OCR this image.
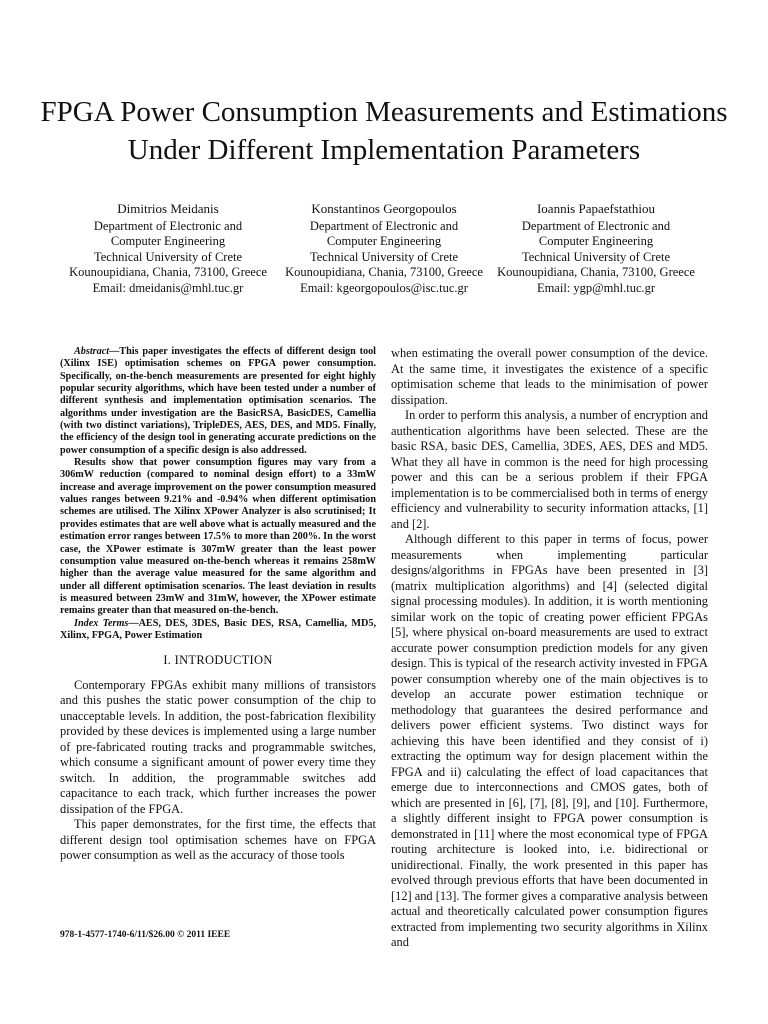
FPGA Power Consumption Measurements and Estimations Under Different Implementation Parameters
Dimitrios Meidanis
Department of Electronic and
Computer Engineering
Technical University of Crete
Kounoupidiana, Chania, 73100, Greece
Email: dmeidanis@mhl.tuc.gr
Konstantinos Georgopoulos
Department of Electronic and
Computer Engineering
Technical University of Crete
Kounoupidiana, Chania, 73100, Greece
Email: kgeorgopoulos@isc.tuc.gr
Ioannis Papaefstathiou
Department of Electronic and
Computer Engineering
Technical University of Crete
Kounoupidiana, Chania, 73100, Greece
Email: ygp@mhl.tuc.gr

Abstract—This paper investigates the effects of different design tool (Xilinx ISE) optimisation schemes on FPGA power consumption. Specifically, on-the-bench measurements are presented for eight highly popular security algorithms, which have been tested under a number of different synthesis and implementation optimisation scenarios. The algorithms under investigation are the BasicRSA, BasicDES, Camellia (with two distinct variations), TripleDES, AES, DES, and MD5. Finally, the efficiency of the design tool in generating accurate predictions on the power consumption of a specific design is also addressed.

Results show that power consumption figures may vary from a 306mW reduction (compared to nominal design effort) to a 33mW increase and average improvement on the power consumption measured values ranges between 9.21% and -0.94% when different optimisation schemes are utilised. The Xilinx XPower Analyzer is also scrutinised; It provides estimates that are well above what is actually measured and the estimation error ranges between 17.5% to more than 200%. In the worst case, the XPower estimate is 307mW greater than the least power consumption value measured on-the-bench whereas it remains 258mW higher than the average value measured for the same algorithm and under all different optimisation scenarios. The least deviation in results is measured between 23mW and 31mW, however, the XPower estimate remains greater than that measured on-the-bench.

Index Terms—AES, DES, 3DES, Basic DES, RSA, Camellia, MD5, Xilinx, FPGA, Power Estimation

I. INTRODUCTION

Contemporary FPGAs exhibit many millions of transistors and this pushes the static power consumption of the chip to unacceptable levels. In addition, the post-fabrication flexibility provided by these devices is implemented using a large number of pre-fabricated routing tracks and programmable switches, which consume a significant amount of power every time they switch. In addition, the programmable switches add capacitance to each track, which further increases the power dissipation of the FPGA.

This paper demonstrates, for the first time, the effects that different design tool optimisation schemes have on FPGA power consumption as well as the accuracy of those tools

when estimating the overall power consumption of the device. At the same time, it investigates the existence of a specific optimisation scheme that leads to the minimisation of power dissipation.

In order to perform this analysis, a number of encryption and authentication algorithms have been selected. These are the basic RSA, basic DES, Camellia, 3DES, AES, DES and MD5. What they all have in common is the need for high processing power and this can be a serious problem if their FPGA implementation is to be commercialised both in terms of energy efficiency and vulnerability to security information attacks, [1] and [2].

Although different to this paper in terms of focus, power measurements when implementing particular designs/algorithms in FPGAs have been presented in [3] (matrix multiplication algorithms) and [4] (selected digital signal processing modules). In addition, it is worth mentioning similar work on the topic of creating power efficient FPGAs [5], where physical on-board measurements are used to extract accurate power consumption prediction models for any given design. This is typical of the research activity invested in FPGA power consumption whereby one of the main objectives is to develop an accurate power estimation technique or methodology that guarantees the desired performance and delivers power efficient systems. Two distinct ways for achieving this have been identified and they consist of i) extracting the optimum way for design placement within the FPGA and ii) calculating the effect of load capacitances that emerge due to interconnections and CMOS gates, both of which are presented in [6], [7], [8], [9], and [10]. Furthermore, a slightly different insight to FPGA power consumption is demonstrated in [11] where the most economical type of FPGA routing architecture is looked into, i.e. bidirectional or unidirectional. Finally, the work presented in this paper has evolved through previous efforts that have been documented in [12] and [13]. The former gives a comparative analysis between actual and theoretically calculated power consumption figures extracted from implementing two security algorithms in Xilinx and

978-1-4577-1740-6/11/$26.00 © 2011 IEEE
